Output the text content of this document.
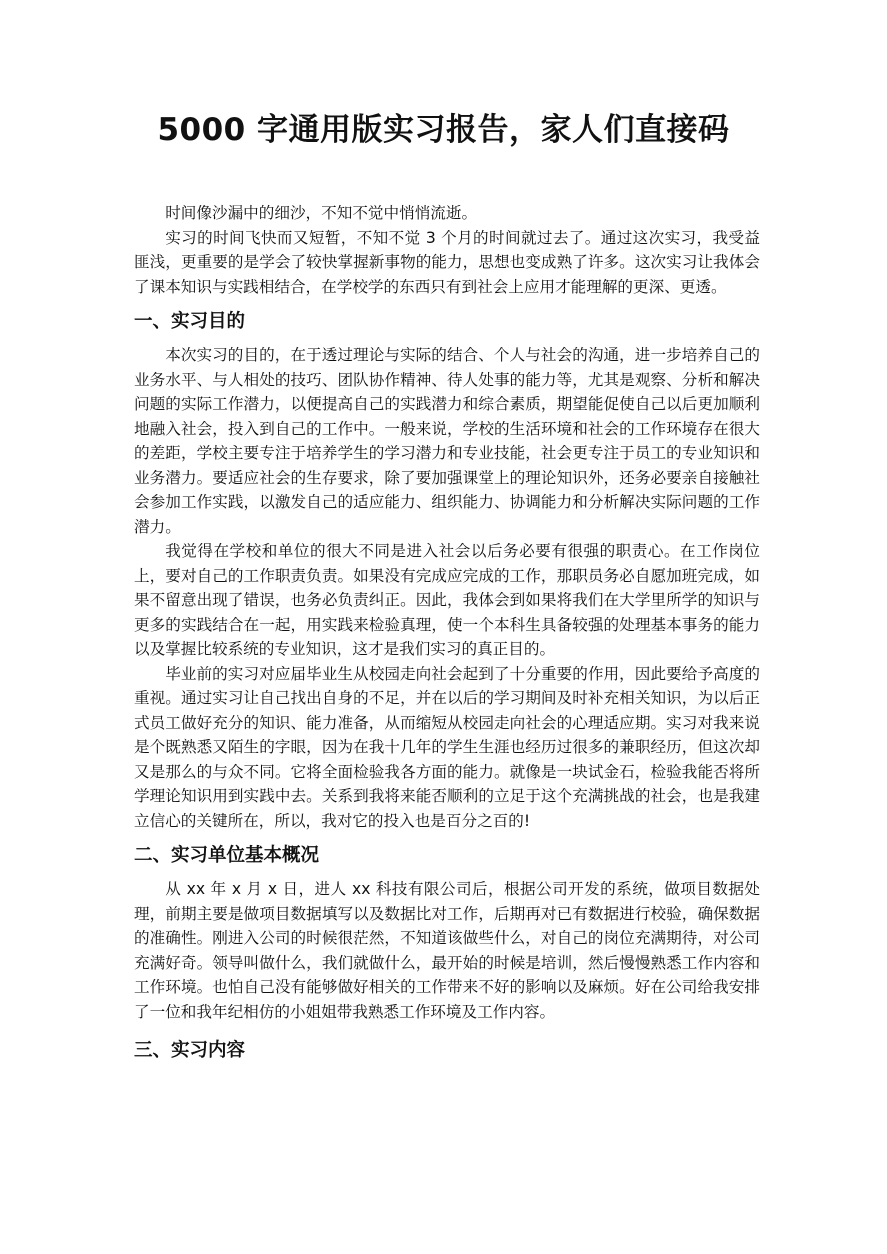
5000 字通用版实习报告，家人们直接码

时间像沙漏中的细沙，不知不觉中悄悄流逝。

实习的时间飞快而又短暂，不知不觉 3 个月的时间就过去了。通过这次实习，我受益匪浅，更重要的是学会了较快掌握新事物的能力，思想也变成熟了许多。这次实习让我体会了课本知识与实践相结合，在学校学的东西只有到社会上应用才能理解的更深、更透。

一、实习目的

本次实习的目的，在于透过理论与实际的结合、个人与社会的沟通，进一步培养自己的业务水平、与人相处的技巧、团队协作精神、待人处事的能力等，尤其是观察、分析和解决问题的实际工作潜力，以便提高自己的实践潜力和综合素质，期望能促使自己以后更加顺利地融入社会，投入到自己的工作中。一般来说，学校的生活环境和社会的工作环境存在很大的差距，学校主要专注于培养学生的学习潜力和专业技能，社会更专注于员工的专业知识和业务潜力。要适应社会的生存要求，除了要加强课堂上的理论知识外，还务必要亲自接触社会参加工作实践，以激发自己的适应能力、组织能力、协调能力和分析解决实际问题的工作潜力。

我觉得在学校和单位的很大不同是进入社会以后务必要有很强的职责心。在工作岗位上，要对自己的工作职责负责。如果没有完成应完成的工作，那职员务必自愿加班完成，如果不留意出现了错误，也务必负责纠正。因此，我体会到如果将我们在大学里所学的知识与更多的实践结合在一起，用实践来检验真理，使一个本科生具备较强的处理基本事务的能力以及掌握比较系统的专业知识，这才是我们实习的真正目的。

毕业前的实习对应届毕业生从校园走向社会起到了十分重要的作用，因此要给予高度的重视。通过实习让自己找出自身的不足，并在以后的学习期间及时补充相关知识，为以后正式员工做好充分的知识、能力准备，从而缩短从校园走向社会的心理适应期。实习对我来说是个既熟悉又陌生的字眼，因为在我十几年的学生生涯也经历过很多的兼职经历，但这次却又是那么的与众不同。它将全面检验我各方面的能力。就像是一块试金石，检验我能否将所学理论知识用到实践中去。关系到我将来能否顺利的立足于这个充满挑战的社会，也是我建立信心的关键所在，所以，我对它的投入也是百分之百的!

二、实习单位基本概况

从 xx 年 x 月 x 日，进人 xx 科技有限公司后，根据公司开发的系统，做项目数据处理，前期主要是做项目数据填写以及数据比对工作，后期再对已有数据进行校验，确保数据的准确性。刚进入公司的时候很茫然，不知道该做些什么，对自己的岗位充满期待，对公司充满好奇。领导叫做什么，我们就做什么，最开始的时候是培训，然后慢慢熟悉工作内容和工作环境。也怕自己没有能够做好相关的工作带来不好的影响以及麻烦。好在公司给我安排了一位和我年纪相仿的小姐姐带我熟悉工作环境及工作内容。

三、实习内容
